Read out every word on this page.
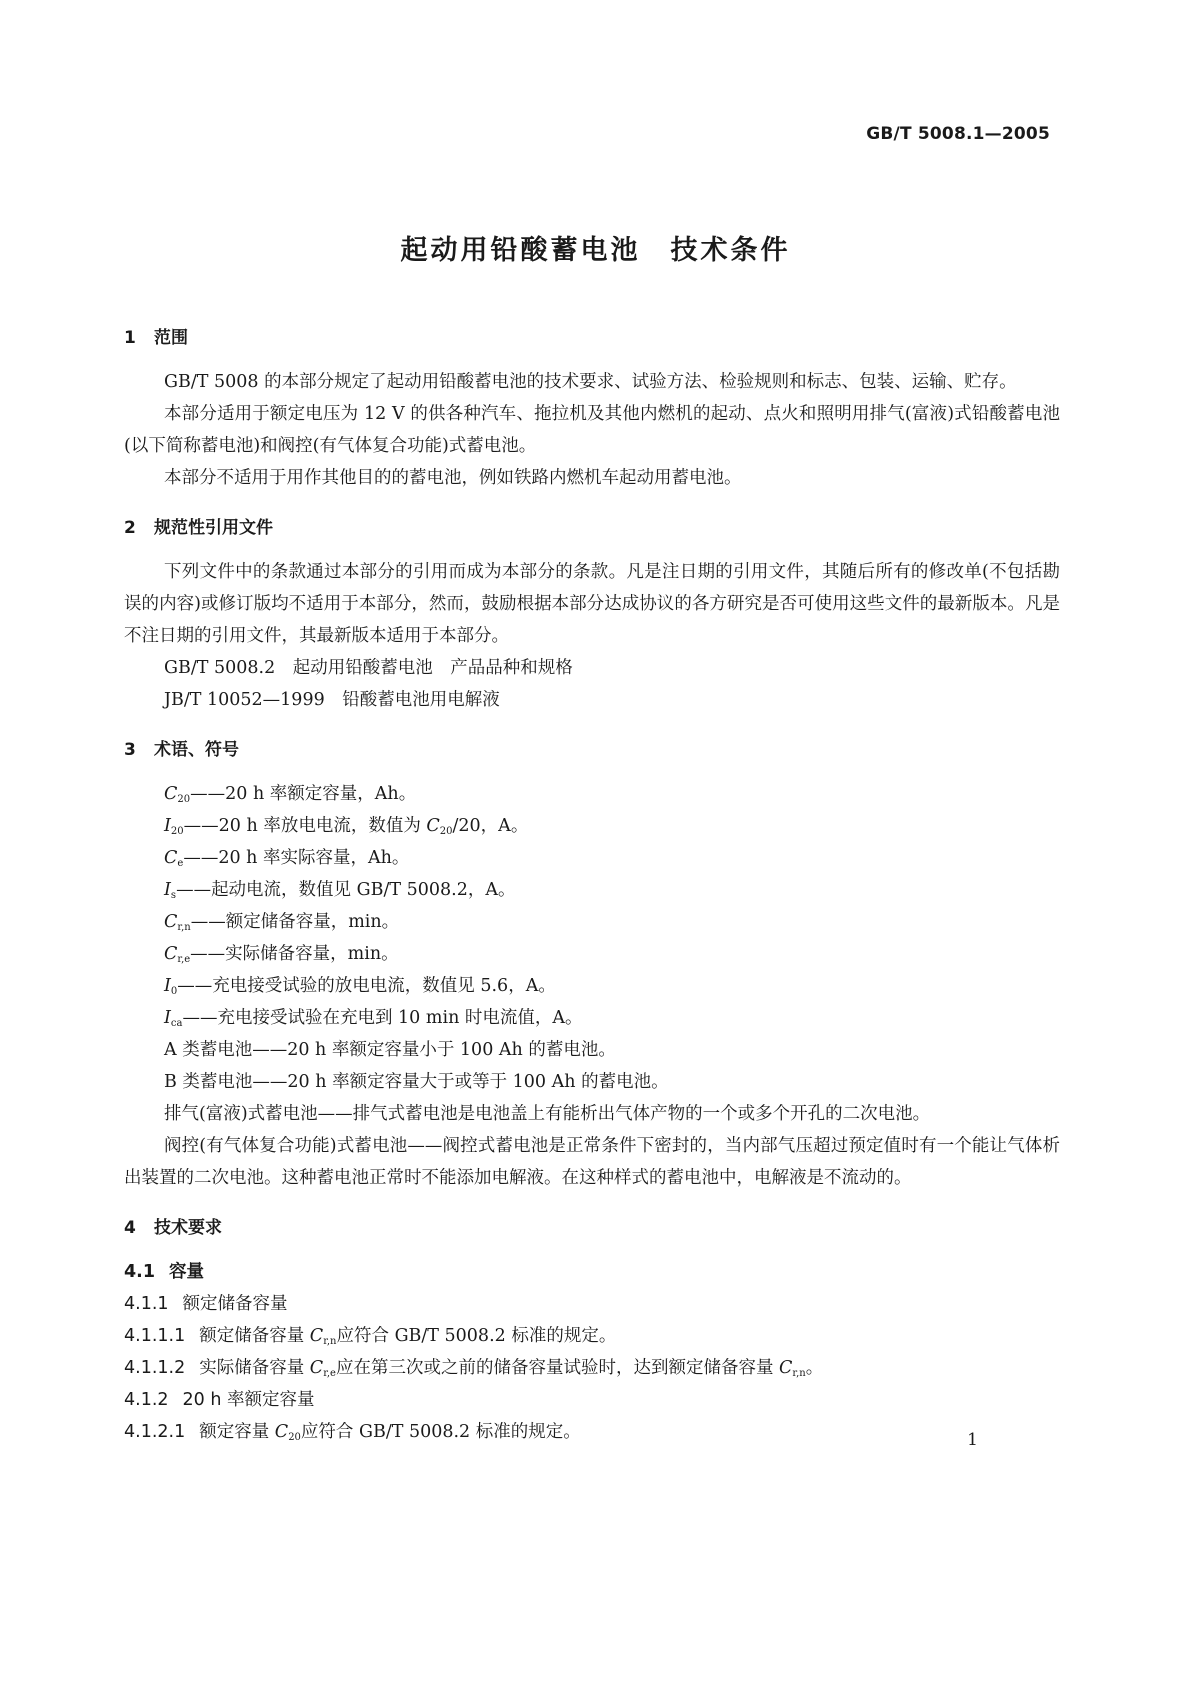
GB/T 5008.1—2005
起动用铅酸蓄电池　技术条件
1 范围
GB/T 5008 的本部分规定了起动用铅酸蓄电池的技术要求、试验方法、检验规则和标志、包装、运输、贮存。
本部分适用于额定电压为 12 V 的供各种汽车、拖拉机及其他内燃机的起动、点火和照明用排气(富液)式铅酸蓄电池(以下简称蓄电池)和阀控(有气体复合功能)式蓄电池。
本部分不适用于用作其他目的的蓄电池，例如铁路内燃机车起动用蓄电池。
2 规范性引用文件
下列文件中的条款通过本部分的引用而成为本部分的条款。凡是注日期的引用文件，其随后所有的修改单(不包括勘误的内容)或修订版均不适用于本部分，然而，鼓励根据本部分达成协议的各方研究是否可使用这些文件的最新版本。凡是不注日期的引用文件，其最新版本适用于本部分。
GB/T 5008.2　 起动用铅酸蓄电池　产品品种和规格
JB/T 10052—1999　 铅酸蓄电池用电解液
3 术语、符号
$C_{20}——20$ h 率额定容量，Ah。
$I_{20}——20$ h 率放电电流，数值为 $C_{20}/20$，A。
$C_e——20$ h 率实际容量，Ah。
$I_s——$起动电流，数值见 GB/T 5008.2，A。
$C_{r,n}——$额定储备容量，min。
$C_{r,e}——$实际储备容量，min。
$I_0——$充电接受试验的放电电流，数值见 5.6，A。
$I_{ca}——$充电接受试验在充电到 10 min 时电流值，A。
A 类蓄电池——20 h 率额定容量小于 100 Ah 的蓄电池。
B 类蓄电池——20 h 率额定容量大于或等于 100 Ah 的蓄电池。
排气(富液)式蓄电池——排气式蓄电池是电池盖上有能析出气体产物的一个或多个开孔的二次电池。
阀控(有气体复合功能)式蓄电池——阀控式蓄电池是正常条件下密封的，当内部气压超过预定值时有一个能让气体析出装置的二次电池。这种蓄电池正常时不能添加电解液。在这种样式的蓄电池中，电解液是不流动的。
4 技术要求
4.1 容量
4.1.1 额定储备容量
4.1.1.1 额定储备容量 $C_{r,n}$应符合 GB/T 5008.2 标准的规定。
4.1.1.2 实际储备容量 $C_{r,e}$应在第三次或之前的储备容量试验时，达到额定储备容量 $C_{r,n}$。
4.1.2 20 h 率额定容量
4.1.2.1 额定容量 $C_{20}$应符合 GB/T 5008.2 标准的规定。	1
